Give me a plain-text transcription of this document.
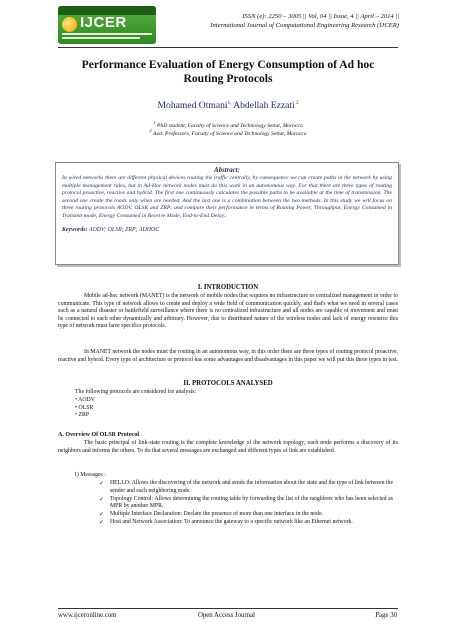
IJCER	ISSN (e): 2250 – 3005 || Vol, 04 || Issue, 4 || April – 2014 ||
International Journal of Computational Engineering Research (IJCER)
Performance Evaluation of Energy Consumption of Ad hoc
Routing Protocols
Mohamed Otmani$^{1,}$ Abdellah Ezzati $^2$
$^1$ PhD student, Faculty of Science and Technology Settat, Morocco
$^2$ Asst. Professors, Faculty of Science and Technology Settat, Morocco
Abstract:
In wired networks there are different physical devices routing the traffic centrally, by consequence we can create paths in the network by using multiple management rules, but in Ad-Hoc network nodes must do this work in an autonomous way. For that there are three types of routing protocol proactive, reactive and hybrid. The first one continuously calculates the possible paths to be available at the time of transmission. The second one create the roads only when are needed. And the last one is a combination between the two methods. In this study we will focus on three routing protocols AODV, OLSR and ZRP; and compare their performance in terms of Routing Power, Throughput, Energy Consumed in Transmit mode, Energy Consumed in Receive Mode, End-to-End Delay..
Keywords: AODV; OLSR; ZRP; ADHOC
I. INTRODUCTION
Mobile ad-hoc network (MANET) is the network of mobile nodes that requires no infrastructure or centralized management in order to communicate. This type of network allows to create and deploy a wide field of communication quickly, and that's what we need in several cases such as a natural disaster or battlefield surveillance where there is no centralized infrastructure and all nodes are capable of movement and must be connected to each other dynamically and arbitrary. However, due to distributed nature of the wireless nodes and lack of energy resource this type of network must have specifics protocols.
In MANET network the nodes must the routing in an autonomous way, in this order there are three types of routing protocol proactive, reactive and hybrid. Every type of architecture or protocol has some advantages and disadvantages in this paper we will put this three types in test.
II. PROTOCOLS ANALYSED
The following protocols are considered for analysis:
• AODV
• OLSR
• ZRP
A. Overview Of OLSR Protocol
The basic principal of link-state routing is the complete knowledge of the network topology; each node performs a discovery of its neighbors and informs the others. To do that several messages are exchanged and different types of link are established.
1) Messages :
✓ HELLO: Allows the discovering of the network and sends the information about the state and the type of link between the sender and each neighboring node.
✓ Topology Control: Allows determining the routing table by forwarding the list of the neighbors who has been selected as MPR by another MPR.
✓ Multiple Interface Declaration: Declare the presence of more than one interface in the node.
✓ Host and Network Association: To announce the gateway to a specific network like an Ethernet network.
www.ijceronline.com	Open Access Journal	Page 30
